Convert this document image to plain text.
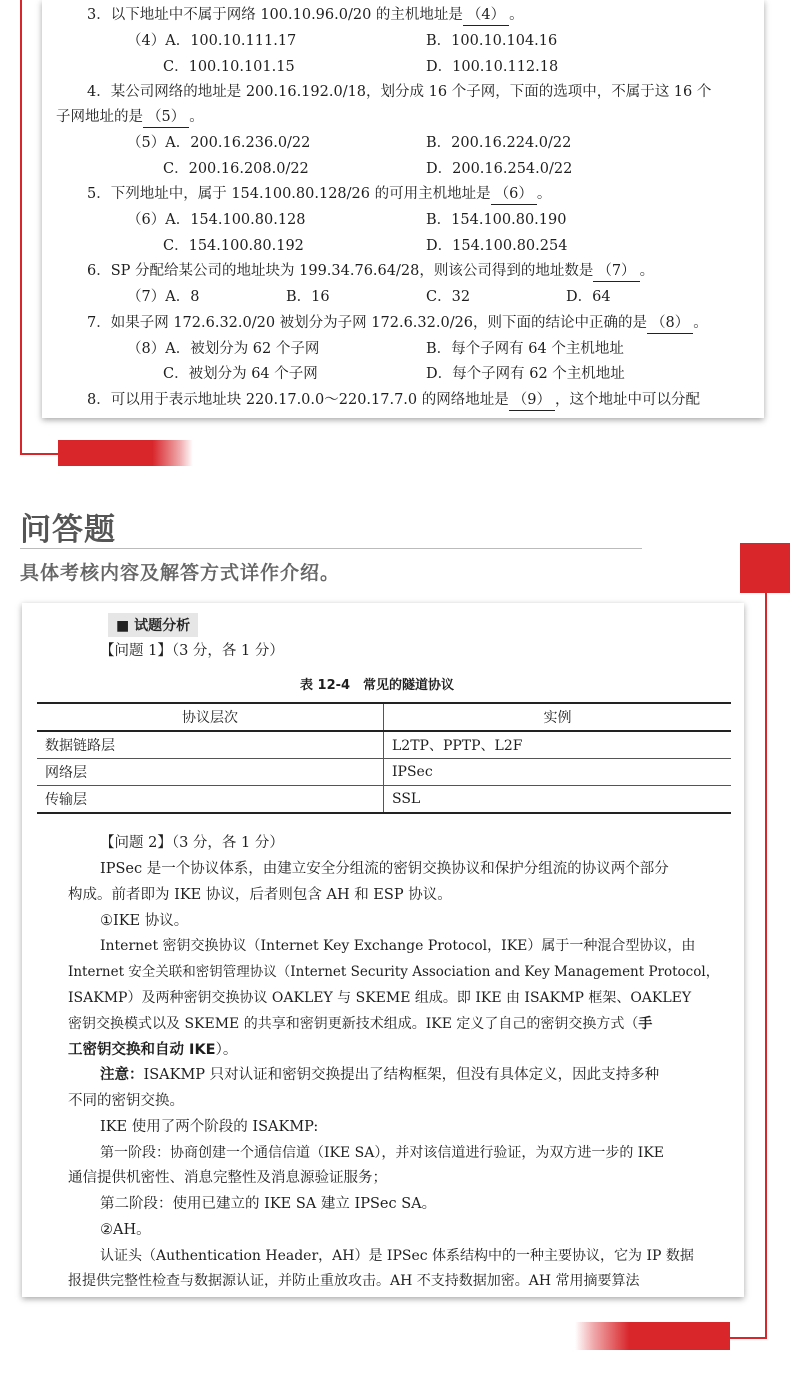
3．以下地址中不属于网络 100.10.96.0/20 的主机地址是 （4） 。
（4）A．100.10.111.17	B．100.10.104.16
C．100.10.101.15	D．100.10.112.18
4．某公司网络的地址是 200.16.192.0/18，划分成 16 个子网，下面的选项中，不属于这 16 个
子网地址的是 （5） 。
（5）A．200.16.236.0/22	B．200.16.224.0/22
C．200.16.208.0/22	D．200.16.254.0/22
5．下列地址中，属于 154.100.80.128/26 的可用主机地址是 （6） 。
（6）A．154.100.80.128	B．154.100.80.190
C．154.100.80.192	D．154.100.80.254
6．SP 分配给某公司的地址块为 199.34.76.64/28，则该公司得到的地址数是 （7） 。
（7）A．8	B．16	C．32	D．64
7．如果子网 172.6.32.0/20 被划分为子网 172.6.32.0/26，则下面的结论中正确的是 （8） 。
（8）A．被划分为 62 个子网	B．每个子网有 64 个主机地址
C．被划分为 64 个子网	D．每个子网有 62 个主机地址
8．可以用于表示地址块 220.17.0.0～220.17.7.0 的网络地址是 （9） ，这个地址中可以分配
问答题
具体考核内容及解答方式详作介绍。
■ 试题分析
【问题 1】（3 分，各 1 分）
表 12-4　常见的隧道协议
协议层次	实例
数据链路层	L2TP、PPTP、L2F
网络层	IPSec
传输层	SSL
【问题 2】（3 分，各 1 分）
IPSec 是一个协议体系，由建立安全分组流的密钥交换协议和保护分组流的协议两个部分
构成。前者即为 IKE 协议，后者则包含 AH 和 ESP 协议。
①IKE 协议。
Internet 密钥交换协议（Internet Key Exchange Protocol，IKE）属于一种混合型协议，由
Internet 安全关联和密钥管理协议（Internet Security Association and Key Management Protocol，
ISAKMP）及两种密钥交换协议 OAKLEY 与 SKEME 组成。即 IKE 由 ISAKMP 框架、OAKLEY
密钥交换模式以及 SKEME 的共享和密钥更新技术组成。IKE 定义了自己的密钥交换方式（手
工密钥交换和自动 IKE）。
注意：ISAKMP 只对认证和密钥交换提出了结构框架，但没有具体定义，因此支持多种
不同的密钥交换。
IKE 使用了两个阶段的 ISAKMP:
第一阶段：协商创建一个通信信道（IKE SA），并对该信道进行验证，为双方进一步的 IKE
通信提供机密性、消息完整性及消息源验证服务；
第二阶段：使用已建立的 IKE SA 建立 IPSec SA。
②AH。
认证头（Authentication Header，AH）是 IPSec 体系结构中的一种主要协议，它为 IP 数据
报提供完整性检查与数据源认证，并防止重放攻击。AH 不支持数据加密。AH 常用摘要算法
